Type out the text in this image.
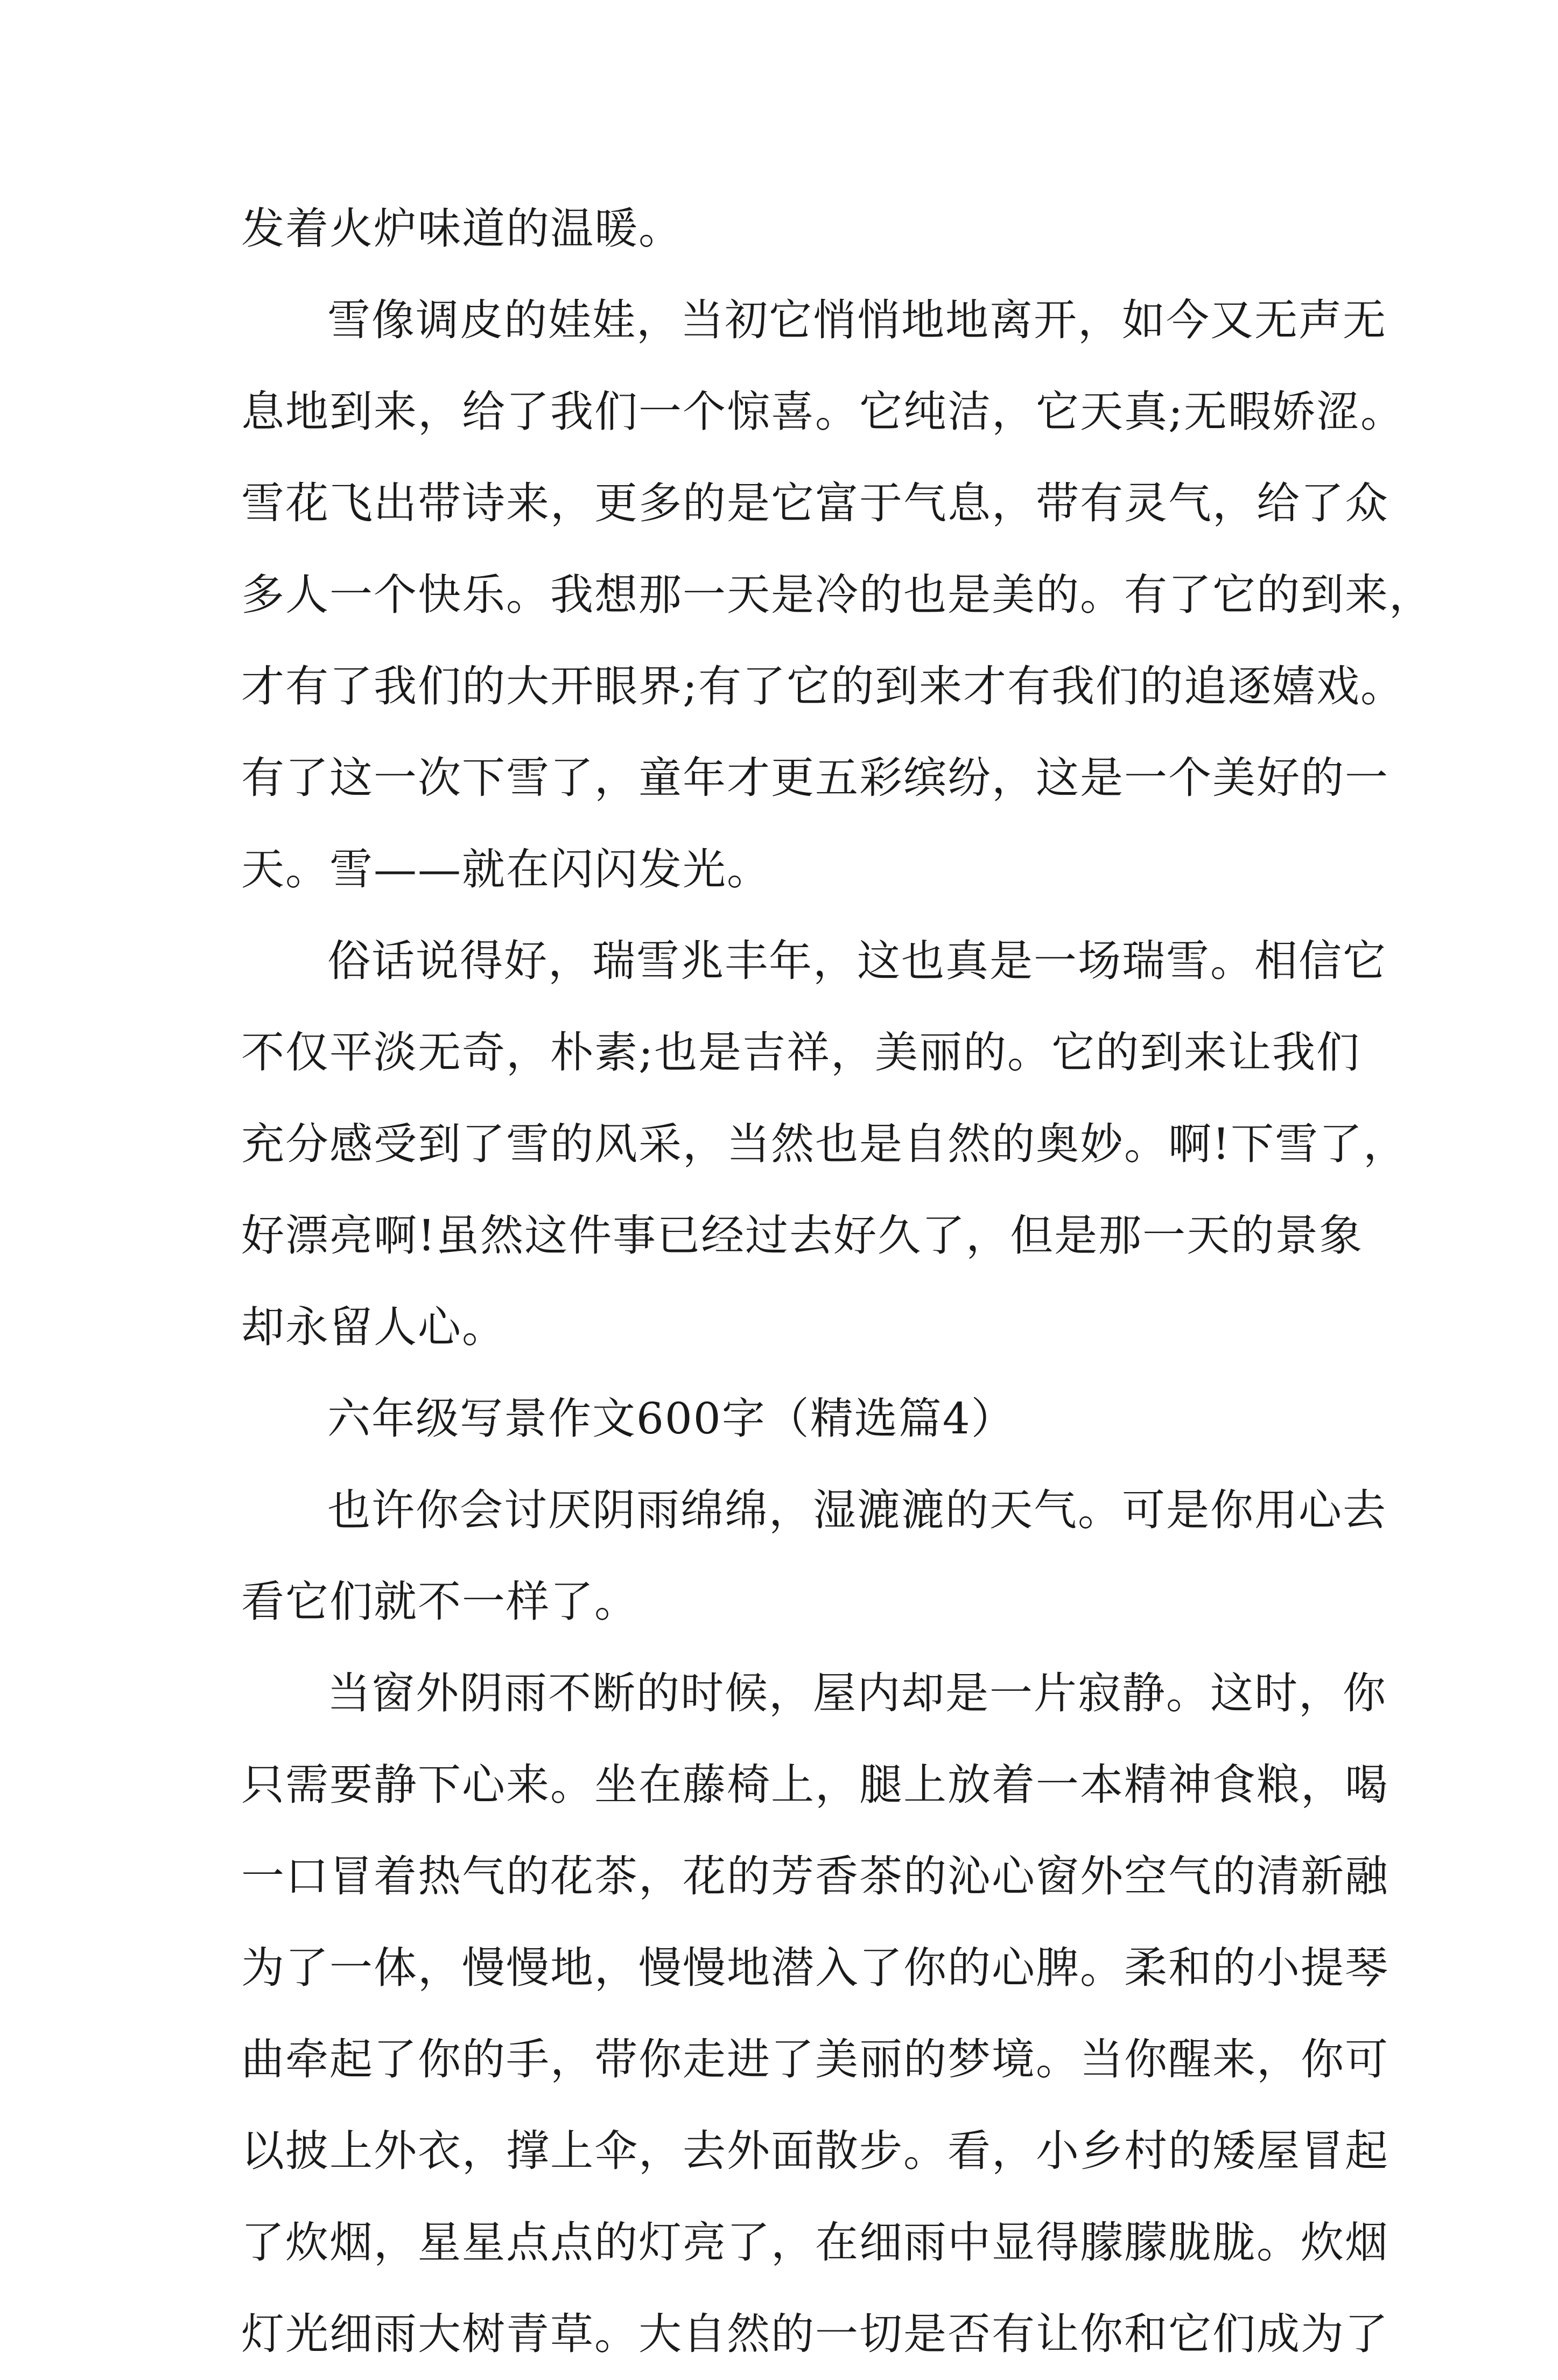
发着火炉味道的温暖。
雪像调皮的娃娃，当初它悄悄地地离开，如今又无声无
息地到来，给了我们一个惊喜。它纯洁，它天真;无暇娇涩。
雪花飞出带诗来，更多的是它富于气息，带有灵气，给了众
多人一个快乐。我想那一天是冷的也是美的。有了它的到来，
才有了我们的大开眼界;有了它的到来才有我们的追逐嬉戏。
有了这一次下雪了，童年才更五彩缤纷，这是一个美好的一
天。雪——就在闪闪发光。
俗话说得好，瑞雪兆丰年，这也真是一场瑞雪。相信它
不仅平淡无奇，朴素;也是吉祥，美丽的。它的到来让我们
充分感受到了雪的风采，当然也是自然的奥妙。啊!下雪了，
好漂亮啊!虽然这件事已经过去好久了，但是那一天的景象
却永留人心。
六年级写景作文600字（精选篇4）
也许你会讨厌阴雨绵绵，湿漉漉的天气。可是你用心去
看它们就不一样了。
当窗外阴雨不断的时候，屋内却是一片寂静。这时，你
只需要静下心来。坐在藤椅上，腿上放着一本精神食粮，喝
一口冒着热气的花茶，花的芳香茶的沁心窗外空气的清新融
为了一体，慢慢地，慢慢地潜入了你的心脾。柔和的小提琴
曲牵起了你的手，带你走进了美丽的梦境。当你醒来，你可
以披上外衣，撑上伞，去外面散步。看，小乡村的矮屋冒起
了炊烟，星星点点的灯亮了，在细雨中显得朦朦胧胧。炊烟
灯光细雨大树青草。大自然的一切是否有让你和它们成为了
